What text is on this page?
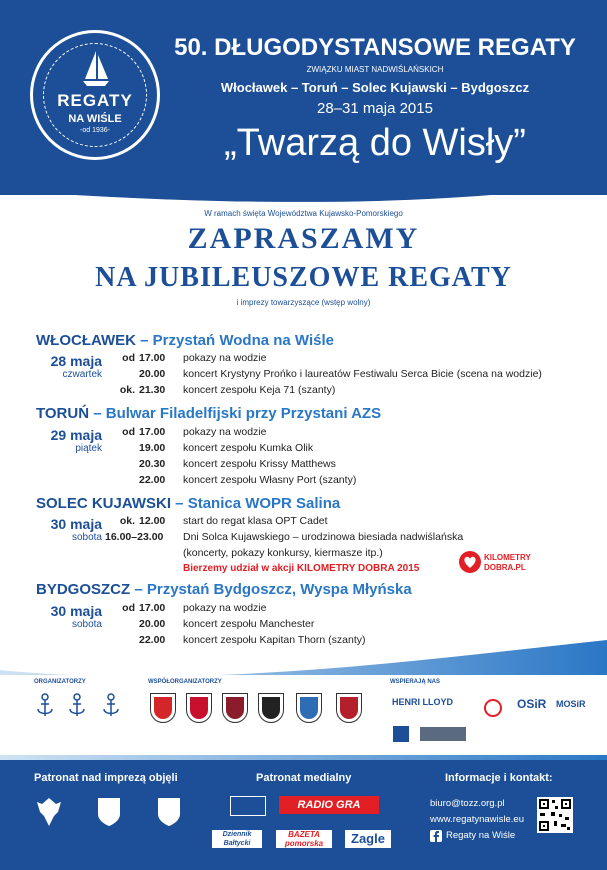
REGATY
NA WIŚLE
-od 1936-
50. DŁUGODYSTANSOWE REGATY
ZWIĄZKU MIAST NADWIŚLAŃSKICH
Włocławek – Toruń – Solec Kujawski – Bydgoszcz
28–31 maja 2015
„Twarzą do Wisły”
W ramach święta Województwa Kujawsko-Pomorskiego
ZAPRASZAMY
NA JUBILEUSZOWE REGATY
i imprezy towarzyszące (wstęp wolny)
WŁOCŁAWEK – Przystań Wodna na Wiśle
28 maja
czwartek
od 17.00	pokazy na wodzie
20.00	koncert Krystyny Prońko i laureatów Festiwalu Serca Bicie (scena na wodzie)
ok. 21.30	koncert zespołu Keja 71 (szanty)
TORUŃ – Bulwar Filadelfijski przy Przystani AZS
29 maja
piątek
od 17.00	pokazy na wodzie
19.00	koncert zespołu Kumka Olik
20.30	koncert zespołu Krissy Matthews
22.00	koncert zespołu Własny Port (szanty)
SOLEC KUJAWSKI – Stanica WOPR Salina
30 maja
sobota
ok. 12.00	start do regat klasa OPT Cadet
16.00–23.00	Dni Solca Kujawskiego – urodzinowa biesiada nadwiślańska
(koncerty, pokazy konkursy, kiermasze itp.)
Bierzemy udział w akcji KILOMETRY DOBRA 2015
KILOMETRY
DOBRA.PL
BYDGOSZCZ – Przystań Bydgoszcz, Wyspa Młyńska
30 maja
sobota
od 17.00	pokazy na wodzie
20.00	koncert zespołu Manchester
22.00	koncert zespołu Kapitan Thorn (szanty)
ORGANIZATORZY	WSPÓŁORGANIZATORZY	WSPIERAJĄ NAS
HENRI LLOYD	OSiR MOSiR
Patronat nad imprezą objęli	Patronat medialny	Informacje i kontakt:
RADIO GRA
Dziennik Bałtycki
BAZETA pomorska	Zagle
biuro@tozz.org.pl
www.regatynawisle.eu
Regaty na Wiśle
